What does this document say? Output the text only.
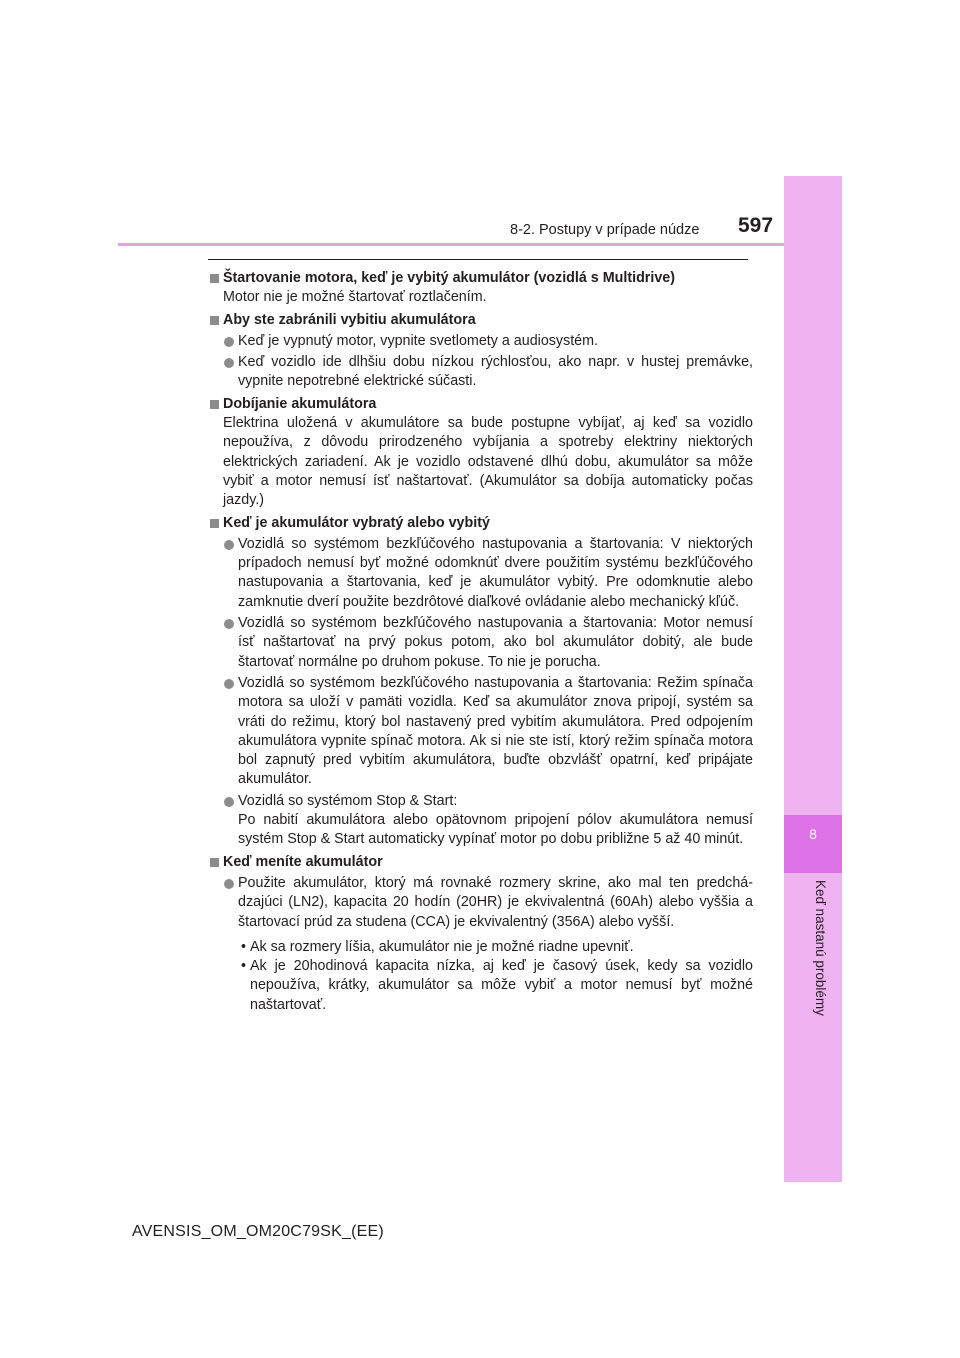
8
Keď nastanú problémy
8-2. Postupy v prípade núdze 597
Štartovanie motora, keď je vybitý akumulátor (vozidlá s Multidrive)
Motor nie je možné štartovať roztlačením.
Aby ste zabránili vybitiu akumulátora
Keď je vypnutý motor, vypnite svetlomety a audiosystém.
Keď vozidlo ide dlhšiu dobu nízkou rýchlosťou, ako napr. v hustej premávke, vypnite nepotrebné elektrické súčasti.
Dobíjanie akumulátora
Elektrina uložená v akumulátore sa bude postupne vybíjať, aj keď sa vozidlo nepoužíva, z dôvodu prirodzeného vybíjania a spotreby elektriny niektorých elektrických zariadení. Ak je vozidlo odstavené dlhú dobu, akumulátor sa môže vybiť a motor nemusí ísť naštartovať. (Akumulátor sa dobíja automaticky počas jazdy.)
Keď je akumulátor vybratý alebo vybitý
Vozidlá so systémom bezkľúčového nastupovania a štartovania: V niektorých prípadoch nemusí byť možné odomknúť dvere použitím systému bezkľúčového nastupovania a štartovania, keď je akumulátor vybitý. Pre odomknutie alebo zamknutie dverí použite bezdrôtové diaľkové ovládanie alebo mechanický kľúč.
Vozidlá so systémom bezkľúčového nastupovania a štartovania: Motor nemusí ísť naštartovať na prvý pokus potom, ako bol akumulátor dobitý, ale bude štartovať normálne po druhom pokuse. To nie je porucha.
Vozidlá so systémom bezkľúčového nastupovania a štartovania: Režim spínača motora sa uloží v pamäti vozidla. Keď sa akumulátor znova pripojí, systém sa vráti do režimu, ktorý bol nastavený pred vybitím akumulátora. Pred odpojením akumulátora vypnite spínač motora. Ak si nie ste istí, ktorý režim spínača motora bol zapnutý pred vybitím akumulátora, buďte obzvlášť opatrní, keď pripájate akumulátor.
Vozidlá so systémom Stop & Start:
Po nabití akumulátora alebo opätovnom pripojení pólov akumulátora nemusí systém Stop & Start automaticky vypínať motor po dobu približne 5 až 40 minút.
Keď meníte akumulátor
Použite akumulátor, ktorý má rovnaké rozmery skrine, ako mal ten predchádzajúci (LN2), kapacita 20 hodín (20HR) je ekvivalentná (60Ah) alebo vyššia a štartovací prúd za studena (CCA) je ekvivalentný (356A) alebo vyšší.
• Ak sa rozmery líšia, akumulátor nie je možné riadne upevniť.
• Ak je 20hodinová kapacita nízka, aj keď je časový úsek, kedy sa vozidlo nepoužíva, krátky, akumulátor sa môže vybiť a motor nemusí byť možné naštartovať.
AVENSIS_OM_OM20C79SK_(EE)
